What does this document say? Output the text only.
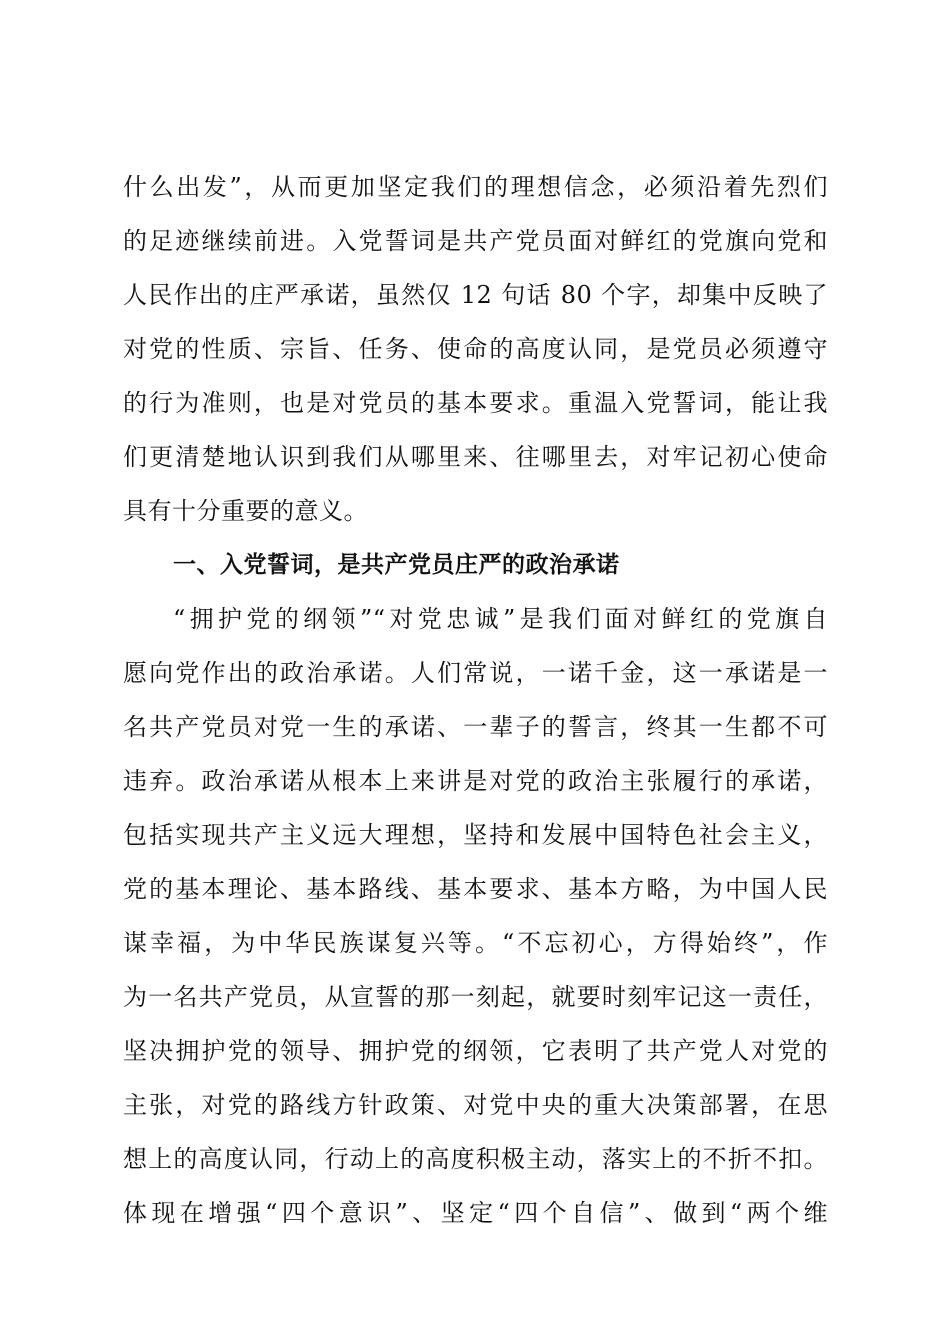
什么出发”，从而更加坚定我们的理想信念，必须沿着先烈们
的足迹继续前进。入党誓词是共产党员面对鲜红的党旗向党和
人民作出的庄严承诺，虽然仅 12 句话 80 个字，却集中反映了
对党的性质、宗旨、任务、使命的高度认同，是党员必须遵守
的行为准则，也是对党员的基本要求。重温入党誓词，能让我
们更清楚地认识到我们从哪里来、往哪里去，对牢记初心使命
具有十分重要的意义。
一、入党誓词，是共产党员庄严的政治承诺
“拥护党的纲领”“对党忠诚”是我们面对鲜红的党旗自
愿向党作出的政治承诺。人们常说，一诺千金，这一承诺是一
名共产党员对党一生的承诺、一辈子的誓言，终其一生都不可
违弃。政治承诺从根本上来讲是对党的政治主张履行的承诺，
包括实现共产主义远大理想，坚持和发展中国特色社会主义，
党的基本理论、基本路线、基本要求、基本方略，为中国人民
谋幸福，为中华民族谋复兴等。“不忘初心，方得始终”，作
为一名共产党员，从宣誓的那一刻起，就要时刻牢记这一责任，
坚决拥护党的领导、拥护党的纲领，它表明了共产党人对党的
主张，对党的路线方针政策、对党中央的重大决策部署，在思
想上的高度认同，行动上的高度积极主动，落实上的不折不扣。
体现在增强“四个意识”、坚定“四个自信”、做到“两个维
